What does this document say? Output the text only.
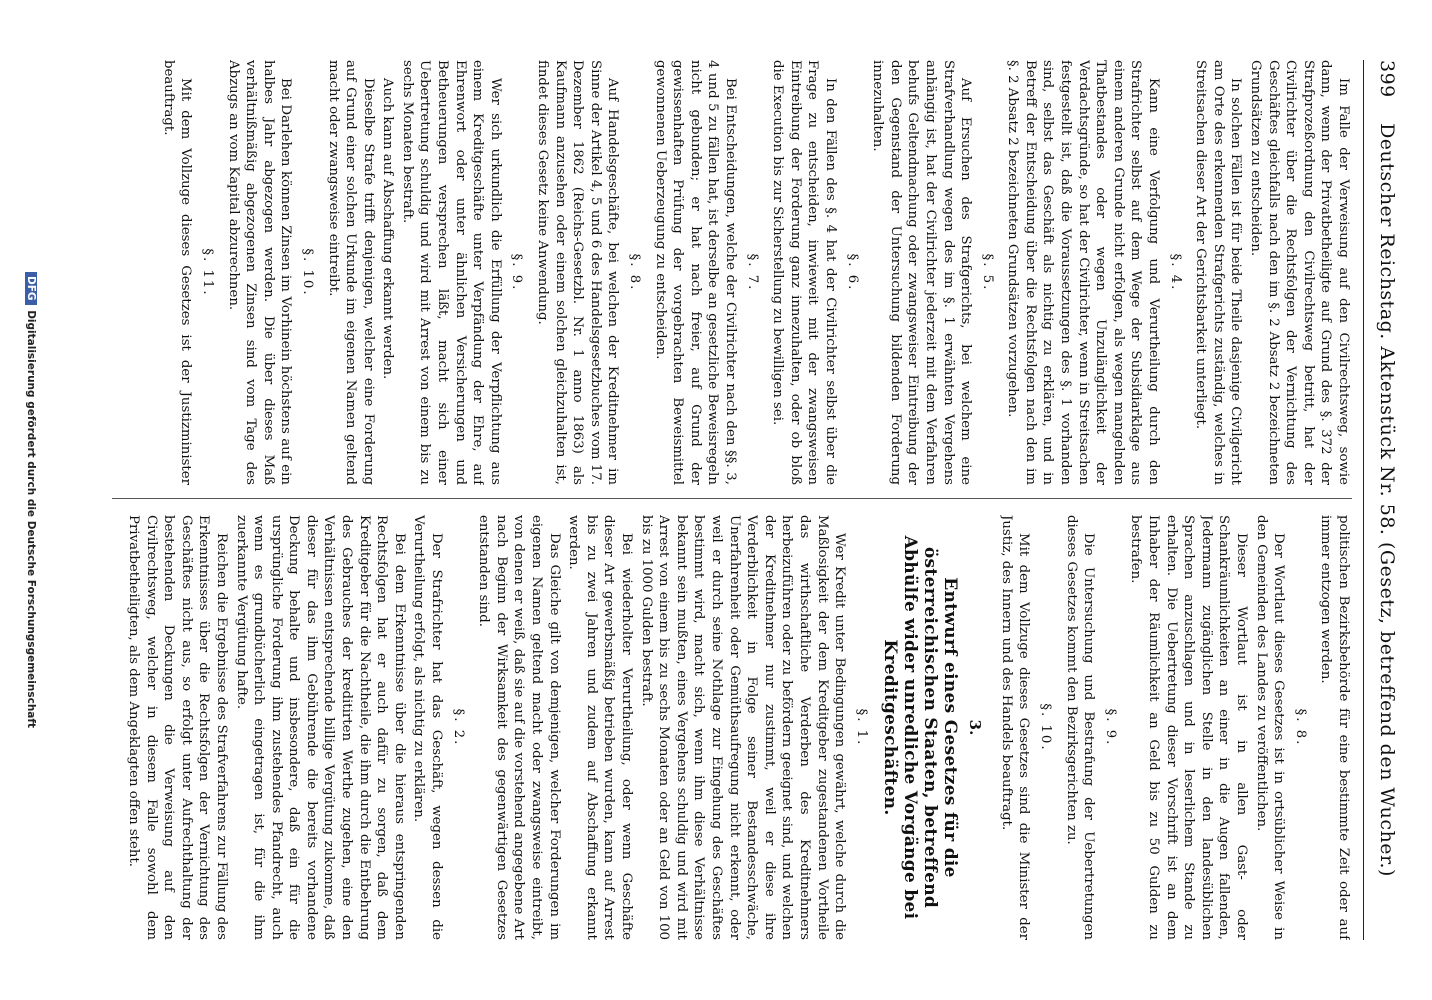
399
Deutscher Reichstag. Aktenstück Nr. 58. (Gesetz, betreffend den Wucher.)

Im Falle der Verweisung auf den Civilrechtsweg, sowie dann, wenn der Privatbetheiligte auf Grund des §. 372 der Strafprozeßordnung den Civilrechtsweg betritt, hat der Civilrichter über die Rechtsfolgen der Vernichtung des Geschäftes gleichfalls nach den im §. 2 Absatz 2 bezeichneten Grundsätzen zu entscheiden.

In solchen Fällen ist für beide Theile dasjenige Civilgericht am Orte des erkennenden Strafgerichts zuständig, welches in Streitsachen dieser Art der Gerichtsbarkeit unterliegt.

§. 4.

Kann eine Verfolgung und Verurtheilung durch den Strafrichter selbst auf dem Wege der Subsidiarklage aus einem anderen Grunde nicht erfolgen, als wegen mangelnden Thatbestandes oder wegen Unzulänglichkeit der Verdachtsgründe, so hat der Civilrichter, wenn in Streitsachen festgestellt ist, daß die Voraussetzungen des §. 1 vorhanden sind, selbst das Geschäft als nichtig zu erklären, und in Betreff der Entscheidung über die Rechtsfolgen nach den im §. 2 Absatz 2 bezeichneten Grundsätzen vorzugehen.

§. 5.

Auf Ersuchen des Strafgerichts, bei welchem eine Strafverhandlung wegen des im §. 1 erwähnten Vergehens anhängig ist, hat der Civilrichter jederzeit mit dem Verfahren behufs Geltendmachung oder zwangsweiser Eintreibung der den Gegenstand der Untersuchung bildenden Forderung innezuhalten.

§. 6.

In den Fällen des §. 4 hat der Civilrichter selbst über die Frage zu entscheiden, inwieweit mit der zwangsweisen Eintreibung der Forderung ganz innezuhalten, oder ob bloß die Execution bis zur Sicherstellung zu bewilligen sei.

§. 7.

Bei Entscheidungen, welche der Civilrichter nach den §§. 3, 4 und 5 zu fällen hat, ist derselbe an gesetzliche Beweisregeln nicht gebunden; er hat nach freier, auf Grund der gewissenhaften Prüfung der vorgebrachten Beweismittel gewonnenen Ueberzeugung zu entscheiden.

§. 8.

Auf Handelsgeschäfte, bei welchen der Kreditnehmer im Sinne der Artikel 4, 5 und 6 des Handelsgesetzbuches vom 17. Dezember 1862 (Reichs-Gesetzbl. Nr. 1 anno 1863) als Kaufmann anzusehen oder einem solchen gleichzuhalten ist, findet dieses Gesetz keine Anwendung.

§. 9.

Wer sich urkundlich die Erfüllung der Verpflichtung aus einem Kreditgeschäfte unter Verpfändung der Ehre, auf Ehrenwort oder unter ähnlichen Versicherungen und Betheuerungen versprechen läßt, macht sich einer Uebertretung schuldig und wird mit Arrest von einem bis zu sechs Monaten bestraft.

Auch kann auf Abschaffung erkannt werden.

Dieselbe Strafe trifft denjenigen, welcher eine Forderung auf Grund einer solchen Urkunde im eigenen Namen geltend macht oder zwangsweise eintreibt.

§. 10.

Bei Darlehen können Zinsen im Vorhinein höchstens auf ein halbes Jahr abgezogen werden. Die über dieses Maß verhältnißmäßig abgezogenen Zinsen sind vom Tage des Abzugs an vom Kapital abzurechnen.

§. 11.

Mit dem Vollzuge dieses Gesetzes ist der Justizminister beauftragt.

politischen Bezirksbehörde für eine bestimmte Zeit oder auf immer entzogen werden.

§. 8.

Der Wortlaut dieses Gesetzes ist in ortsüblicher Weise in den Gemeinden des Landes zu veröffentlichen.

Dieser Wortlaut ist in allen Gast- oder Schankräumlichkeiten an einer in die Augen fallenden, Jedermann zugänglichen Stelle in den landesüblichen Sprachen anzuschlagen und in leserlichem Stande zu erhalten. Die Uebertretung dieser Vorschrift ist an dem Inhaber der Räumlichkeit an Geld bis zu 50 Gulden zu bestrafen.

§. 9.

Die Untersuchung und Bestrafung der Uebertretungen dieses Gesetzes kommt den Bezirksgerichten zu.

§. 10.

Mit dem Vollzuge dieses Gesetzes sind die Minister der Justiz, des Innern und des Handels beauftragt.

3.
Entwurf eines Gesetzes für die österreichischen Staaten, betreffend Abhülfe wider unredliche Vorgänge bei Kreditgeschäften.
§. 1.

Wer Kredit unter Bedingungen gewährt, welche durch die Maßlosigkeit der dem Kreditgeber zugestandenen Vortheile das wirthschaftliche Verderben des Kreditnehmers herbeizuführen oder zu befördern geeignet sind, und welchen der Kreditnehmer nur zustimmt, weil er diese ihre Verderblichkeit in Folge seiner Bestandesschwäche, Unerfahrenheit oder Gemüthsaufregung nicht erkennt, oder weil er durch seine Nothlage zur Eingehung des Geschäftes bestimmt wird, macht sich, wenn ihm diese Verhältnisse bekannt sein mußten, eines Vergehens schuldig und wird mit Arrest von einem bis zu sechs Monaten oder an Geld von 100 bis zu 1000 Gulden bestraft.

Bei wiederholter Verurtheilung, oder wenn Geschäfte dieser Art gewerbsmäßig betrieben wurden, kann auf Arrest bis zu zwei Jahren und zudem auf Abschaffung erkannt werden.

Das Gleiche gilt von demjenigen, welcher Forderungen im eigenen Namen geltend macht oder zwangsweise eintreibt, von denen er weiß, daß sie auf die vorstehend angegebene Art nach Beginn der Wirksamkeit des gegenwärtigen Gesetzes entstanden sind.

§. 2.

Der Strafrichter hat das Geschäft, wegen dessen die Verurtheilung erfolgt, als nichtig zu erklären.

Bei dem Erkenntnisse über die hieraus entspringenden Rechtsfolgen hat er auch dafür zu sorgen, daß dem Kreditgeber für die Nachtheile, die ihm durch die Entbehrung des Gebrauches der kreditirten Werthe zugehen, eine den Verhältnissen entsprechende billige Vergütung zukomme, daß dieser für das ihm Gebührende die bereits vorhandene Deckung behalte und insbesondere, daß ein für die ursprüngliche Forderung ihm zustehendes Pfandrecht, auch wenn es grundbücherlich eingetragen ist, für die ihm zuerkannte Vergütung hafte.

Reichen die Ergebnisse des Strafverfahrens zur Fällung des Erkenntnisses über die Rechtsfolgen der Vernichtung des Geschäftes nicht aus, so erfolgt unter Aufrechthaltung der bestehenden Deckungen die Verweisung auf den Civilrechtsweg, welcher in diesem Falle sowohl dem Privatbetheiligten, als dem Angeklagten offen steht.

DFG Digitalisierung gefördert durch die Deutsche Forschungsgemeinschaft
